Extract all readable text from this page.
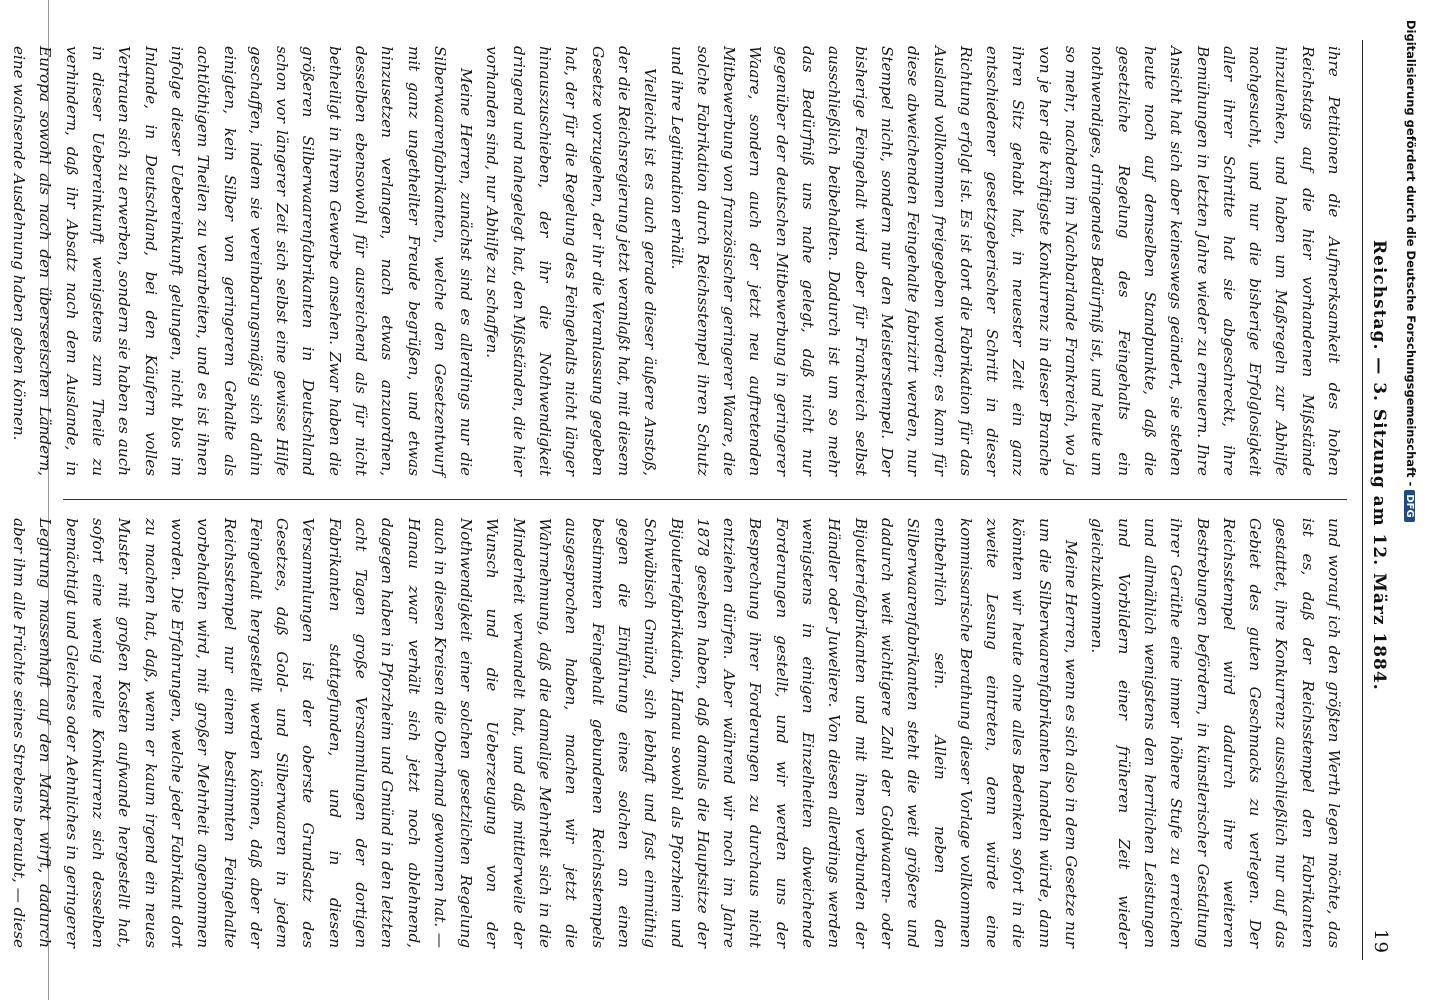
Reichstag. — 3. Sitzung am 12. März 1884.
19

ihre Petitionen die Aufmerksamkeit des hohen Reichstags auf die hier vorhandenen Mißstände hinzulenken, und haben um Maßregeln zur Abhilfe nachgesucht, und nur die bisherige Erfolglosigkeit aller ihrer Schritte hat sie abgeschreckt, ihre Bemühungen in letzten Jahre wieder zu erneuern. Ihre Ansicht hat sich aber keineswegs geändert, sie stehen heute noch auf demselben Standpunkte, daß die gesetzliche Regelung des Feingehalts ein nothwendiges, dringendes Bedürfniß ist, und heute um so mehr, nachdem im Nachbarlande Frankreich, wo ja von je her die kräftigste Konkurrenz in dieser Branche ihren Sitz gehabt hat, in neuester Zeit ein ganz entschiedener gesetzgeberischer Schritt in dieser Richtung erfolgt ist. Es ist dort die Fabrikation für das Ausland vollkommen freigegeben worden; es kann für diese abweichenden Feingehalte fabrizirt werden, nur Stempel nicht, sondern nur den Meisterstempel. Der bisherige Feingehalt wird aber für Frankreich selbst ausschließlich beibehalten. Dadurch ist um so mehr das Bedürfniß uns nahe gelegt, daß nicht nur gegenüber der deutschen Mitbewerbung in geringerer Waare, sondern auch der jetzt neu auftretenden Mitbewerbung von französischer geringerer Waare, die solche Fabrikation durch Reichsstempel ihren Schutz und ihre Legitimation erhält.

Vielleicht ist es auch gerade dieser äußere Anstoß, der die Reichsregierung jetzt veranlaßt hat, mit diesem Gesetze vorzugehen, der ihr die Veranlassung gegeben hat, der für die Regelung des Feingehalts nicht länger hinauszuschieben, der ihr die Nothwendigkeit dringend und nahegelegt hat, den Mißständen, die hier vorhanden sind, nur Abhilfe zu schaffen.

Meine Herren, zunächst sind es allerdings nur die Silberwaarenfabrikanten, welche den Gesetzentwurf mit ganz ungetheilter Freude begrüßen, und etwas hinzusetzen verlangen, nach etwas anzuordnen, desselben ebensowohl für ausreichend als für nicht betheiligt in ihrem Gewerbe ansehen. Zwar haben die größeren Silberwaarenfabrikanten in Deutschland schon vor längerer Zeit sich selbst eine gewisse Hilfe geschaffen, indem sie vereinbarungsmäßig sich dahin einigten, kein Silber von geringerem Gehalte als achtlöthigem Theilen zu verarbeiten, und es ist ihnen infolge dieser Uebereinkunft gelungen, nicht blos im Inlande, in Deutschland, bei den Käufern volles Vertrauen sich zu erwerben, sondern sie haben es auch in dieser Uebereinkunft wenigstens zum Theile zu verhindern, daß ihr Absatz nach dem Auslande, in Europa sowohl als nach den überseeischen Ländern, eine wachsende Ausdehnung haben geben können.

und worauf ich den größten Werth legen möchte, das ist es, daß der Reichsstempel den Fabrikanten gestattet, ihre Konkurrenz ausschließlich nur auf das Gebiet des guten Geschmacks zu verlegen. Der Reichsstempel wird dadurch ihre weiteren Bestrebungen befördern, in künstlerischer Gestaltung ihrer Gerüthe eine immer höhere Stufe zu erreichen und allmählich wenigstens den herrlichen Leistungen und Vorbildern einer früheren Zeit wieder gleichzukommen.

Meine Herren, wenn es sich also in dem Gesetze nur um die Silberwaarenfabrikanten handeln würde, dann könnten wir heute ohne alles Bedenken sofort in die zweite Lesung eintreten, denn würde eine kommissarische Berathung dieser Vorlage vollkommen entbehrlich sein. Allein neben den Silberwaarenfabrikanten steht die weit größere und dadurch weit wichtigere Zahl der Goldwaaren- oder Bijouteriefabrikanten und mit ihnen verbunden der Händler oder Juweliere. Von diesen allerdings werden wenigstens in einigen Einzelheiten abweichende Forderungen gestellt, und wir werden uns der Besprechung ihrer Forderungen zu durchaus nicht entziehen dürfen. Aber während wir noch im Jahre 1878 gesehen haben, daß damals die Hauptsitze der Bijouteriefabrikation, Hanau sowohl als Pforzheim und Schwäbisch Gmünd, sich lebhaft und fast einmüthig gegen die Einführung eines solchen an einen bestimmten Feingehalt gebundenen Reichsstempels ausgesprochen haben, machen wir jetzt die Wahrnehmung, daß die damalige Mehrheit sich in die Minderheit verwandelt hat, und daß mittlerweile der Wunsch und die Ueberzeugung von der Nothwendigkeit einer solchen gesetzlichen Regelung auch in diesen Kreisen die Oberhand gewonnen hat. — Hanau zwar verhält sich jetzt noch ablehnend, dagegen haben in Pforzheim und Gmünd in den letzten acht Tagen große Versammlungen der dortigen Fabrikanten stattgefunden, und in diesen Versammlungen ist der oberste Grundsatz des Gesetzes, daß Gold- und Silberwaaren in jedem Feingehalt hergestellt werden können, daß aber der Reichsstempel nur einem bestimmten Feingehalte vorbehalten wird, mit großer Mehrheit angenommen worden. Die Erfahrungen, welche jeder Fabrikant dort zu machen hat, daß, wenn er kaum irgend ein neues Muster mit großen Kosten aufwande hergestellt hat, sofort eine wenig reelle Konkurrenz sich desselben bemächtigt und Gleiches oder Aehnliches in geringerer Legirung massenhaft auf den Markt wirft, dadurch aber ihm alle Früchte seines Strebens beraubt, — diese

Digitalisierung gefördert durch die Deutsche Forschungsgemeinschaft -DFG
